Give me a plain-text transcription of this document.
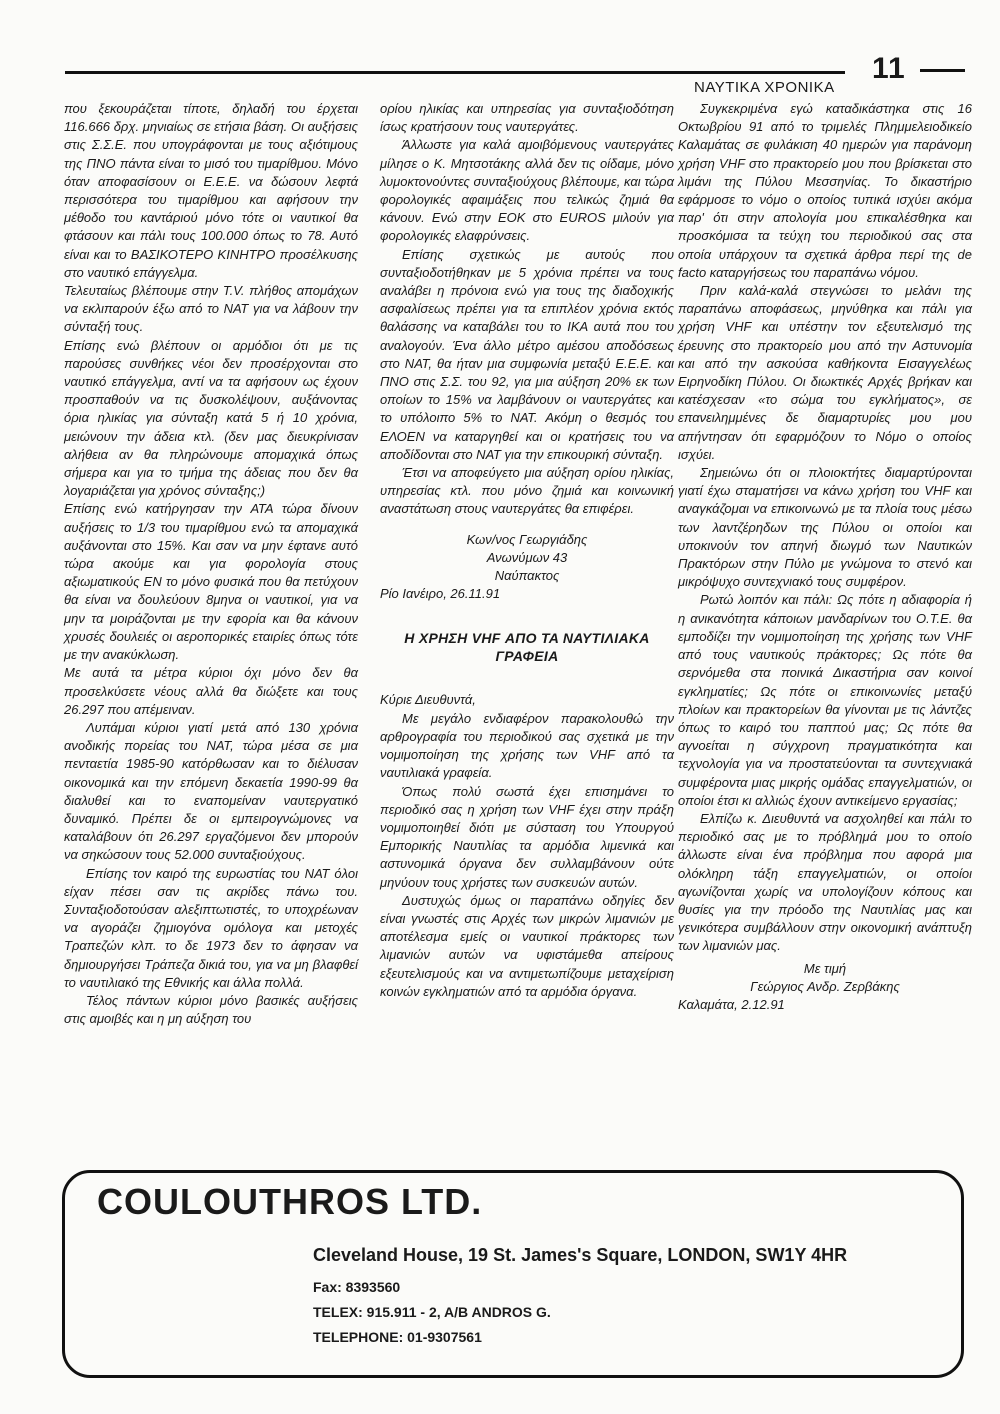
11
ΝΑΥΤΙΚΑ ΧΡΟΝΙΚΑ

που ξεκουράζεται τίποτε, δηλαδή του έρχεται 116.666 δρχ. μηνιαίως σε ετήσια βάση. Οι αυξήσεις στις Σ.Σ.Ε. που υπογράφονται με τους αξιότιμους της ΠΝΟ πάντα είναι το μισό του τιμαρίθμου. Μόνο όταν αποφασίσουν οι Ε.Ε.Ε. να δώσουν λεφτά περισσότερα του τιμαρίθμου και αφήσουν την μέθοδο του καντάριού μόνο τότε οι ναυτικοί θα φτάσουν και πάλι τους 100.000 όπως το 78. Αυτό είναι και το ΒΑΣΙΚΟΤΕΡΟ ΚΙΝΗΤΡΟ προσέλκυσης στο ναυτικό επάγγελμα.

Τελευταίως βλέπουμε στην T.V. πλήθος απομάχων να εκλιπαρούν έξω από το ΝΑΤ για να λάβουν την σύνταξή τους.

Επίσης ενώ βλέπουν οι αρμόδιοι ότι με τις παρούσες συνθήκες νέοι δεν προσέρχονται στο ναυτικό επάγγελμα, αντί να τα αφήσουν ως έχουν προσπαθούν να τις δυσκολέψουν, αυξάνοντας όρια ηλικίας για σύνταξη κατά 5 ή 10 χρόνια, μειώνουν την άδεια κτλ. (δεν μας διευκρίνισαν αλήθεια αν θα πληρώνουμε απομαχικά όπως σήμερα και για το τμήμα της άδειας που δεν θα λογαριάζεται για χρόνος σύνταξης;)

Επίσης ενώ κατήργησαν την ΑΤΑ τώρα δίνουν αυξήσεις το 1/3 του τιμαρίθμου ενώ τα απομαχικά αυξάνονται στο 15%. Και σαν να μην έφτανε αυτό τώρα ακούμε και για φορολογία στους αξιωματικούς ΕΝ το μόνο φυσικά που θα πετύχουν θα είναι να δουλεύουν 8μηνα οι ναυτικοί, για να μην τα μοιράζονται με την εφορία και θα κάνουν χρυσές δουλειές οι αεροπορικές εταιρίες όπως τότε με την ανακύκλωση.

Με αυτά τα μέτρα κύριοι όχι μόνο δεν θα προσελκύσετε νέους αλλά θα διώξετε και τους 26.297 που απέμειναν.

Λυπάμαι κύριοι γιατί μετά από 130 χρόνια ανοδικής πορείας του ΝΑΤ, τώρα μέσα σε μια πενταετία 1985-90 κατόρθωσαν και το διέλυσαν οικονομικά και την επόμενη δεκαετία 1990-99 θα διαλυθεί και το εναπομείναν ναυτεργατικό δυναμικό. Πρέπει δε οι εμπειρογνώμονες να καταλάβουν ότι 26.297 εργαζόμενοι δεν μπορούν να σηκώσουν τους 52.000 συνταξιούχους.

Επίσης τον καιρό της ευρωστίας του ΝΑΤ όλοι είχαν πέσει σαν τις ακρίδες πάνω του. Συνταξιοδοτούσαν αλεξιπτωτιστές, το υποχρέωναν να αγοράζει ζημιογόνα ομόλογα και μετοχές Τραπεζών κλπ. το δε 1973 δεν το άφησαν να δημιουργήσει Τράπεζα δικιά του, για να μη βλαφθεί το ναυτιλιακό της Εθνικής και άλλα πολλά.

Τέλος πάντων κύριοι μόνο βασικές αυξήσεις στις αμοιβές και η μη αύξηση του

ορίου ηλικίας και υπηρεσίας για συνταξιοδότηση ίσως κρατήσουν τους ναυτεργάτες.

Άλλωστε για καλά αμοιβόμενους ναυτεργάτες μίλησε ο Κ. Μητσοτάκης αλλά δεν τις οίδαμε, μόνο λυμοκτονούντες συνταξιούχους βλέπουμε, και τώρα φορολογικές αφαιμάξεις που τελικώς ζημιά θα κάνουν. Ενώ στην ΕΟΚ στο EUROS μιλούν για φορολογικές ελαφρύνσεις.

Επίσης σχετικώς με αυτούς που συνταξιοδοτήθηκαν με 5 χρόνια πρέπει να τους αναλάβει η πρόνοια ενώ για τους της διαδοχικής ασφαλίσεως πρέπει για τα επιπλέον χρόνια εκτός θαλάσσης να καταβάλει του το ΙΚΑ αυτά που του αναλογούν. Ένα άλλο μέτρο αμέσου αποδόσεως στο ΝΑΤ, θα ήταν μια συμφωνία μεταξύ Ε.Ε.Ε. και ΠΝΟ στις Σ.Σ. του 92, για μια αύξηση 20% εκ των οποίων το 15% να λαμβάνουν οι ναυτεργάτες και το υπόλοιπο 5% το ΝΑΤ. Ακόμη ο θεσμός του ΕΛΟΕΝ να καταργηθεί και οι κρατήσεις του να αποδίδονται στο ΝΑΤ για την επικουρική σύνταξη.

Έτσι να αποφεύγετο μια αύξηση ορίου ηλικίας, υπηρεσίας κτλ. που μόνο ζημιά και κοινωνική αναστάτωση στους ναυτεργάτες θα επιφέρει.

Κων/νος Γεωργιάδης

Ανωνύμων 43

Ναύπακτος

Ρίο Ιανέιρο, 26.11.91

Η ΧΡΗΣΗ VHF ΑΠΟ ΤΑ ΝΑΥΤΙΛΙΑΚΑ ΓΡΑΦΕΙΑ

Κύριε Διευθυντά,

Με μεγάλο ενδιαφέρον παρακολουθώ την αρθρογραφία του περιοδικού σας σχετικά με την νομιμοποίηση της χρήσης των VHF από τα ναυτιλιακά γραφεία.

Όπως πολύ σωστά έχει επισημάνει το περιοδικό σας η χρήση των VHF έχει στην πράξη νομιμοποιηθεί διότι με σύσταση του Υπουργού Εμπορικής Ναυτιλίας τα αρμόδια λιμενικά και αστυνομικά όργανα δεν συλλαμβάνουν ούτε μηνύουν τους χρήστες των συσκευών αυτών.

Δυστυχώς όμως οι παραπάνω οδηγίες δεν είναι γνωστές στις Αρχές των μικρών λιμανιών με αποτέλεσμα εμείς οι ναυτικοί πράκτορες των λιμανιών αυτών να υφιστάμεθα απείρους εξευτελισμούς και να αντιμετωπίζουμε μεταχείριση κοινών εγκληματιών από τα αρμόδια όργανα.

Συγκεκριμένα εγώ καταδικάστηκα στις 16 Οκτωβρίου 91 από το τριμελές Πλημμελειοδικείο Καλαμάτας σε φυλάκιση 40 ημερών για παράνομη χρήση VHF στο πρακτορείο μου που βρίσκεται στο λιμάνι της Πύλου Μεσσηνίας. Το δικαστήριο εφάρμοσε το νόμο ο οποίος τυπικά ισχύει ακόμα παρ' ότι στην απολογία μου επικαλέσθηκα και προσκόμισα τα τεύχη του περιοδικού σας στα οποία υπάρχουν τα σχετικά άρθρα περί της de facto καταργήσεως του παραπάνω νόμου.

Πριν καλά-καλά στεγνώσει το μελάνι της παραπάνω αποφάσεως, μηνύθηκα και πάλι για χρήση VHF και υπέστην τον εξευτελισμό της έρευνης στο πρακτορείο μου από την Αστυνομία και από την ασκούσα καθήκοντα Εισαγγελέως Ειρηνοδίκη Πύλου. Οι διωκτικές Αρχές βρήκαν και κατέσχεσαν «το σώμα του εγκλήματος», σε επανειλημμένες δε διαμαρτυρίες μου μου απήντησαν ότι εφαρμόζουν το Νόμο ο οποίος ισχύει.

Σημειώνω ότι οι πλοιοκτήτες διαμαρτύρονται γιατί έχω σταματήσει να κάνω χρήση του VHF και αναγκάζομαι να επικοινωνώ με τα πλοία τους μέσω των λαντζέρηδων της Πύλου οι οποίοι και υποκινούν τον απηνή διωγμό των Ναυτικών Πρακτόρων στην Πύλο με γνώμονα το στενό και μικρόψυχο συντεχνιακό τους συμφέρον.

Ρωτώ λοιπόν και πάλι: Ως πότε η αδιαφορία ή η ανικανότητα κάποιων μανδαρίνων του Ο.Τ.Ε. θα εμποδίζει την νομιμοποίηση της χρήσης των VHF από τους ναυτικούς πράκτορες; Ως πότε θα σερνόμεθα στα ποινικά Δικαστήρια σαν κοινοί εγκληματίες; Ως πότε οι επικοινωνίες μεταξύ πλοίων και πρακτορείων θα γίνονται με τις λάντζες όπως το καιρό του παππού μας; Ως πότε θα αγνοείται η σύγχρονη πραγματικότητα και τεχνολογία για να προστατεύονται τα συντεχνιακά συμφέροντα μιας μικρής ομάδας επαγγελματιών, οι οποίοι έτσι κι αλλιώς έχουν αντικείμενο εργασίας;

Ελπίζω κ. Διευθυντά να ασχοληθεί και πάλι το περιοδικό σας με το πρόβλημά μου το οποίο άλλωστε είναι ένα πρόβλημα που αφορά μια ολόκληρη τάξη επαγγελματιών, οι οποίοι αγωνίζονται χωρίς να υπολογίζουν κόπους και θυσίες για την πρόοδο της Ναυτιλίας μας και γενικότερα συμβάλλουν στην οικονομική ανάπτυξη των λιμανιών μας.

Με τιμή

Γεώργιος Ανδρ. Ζερβάκης

Καλαμάτα, 2.12.91

COULOUTHROS LTD.
Cleveland House, 19 St. James's Square, LONDON, SW1Y 4HR
Fax: 8393560
TELEX: 915.911 - 2, A/B ANDROS G.
TELEPHONE: 01-9307561
